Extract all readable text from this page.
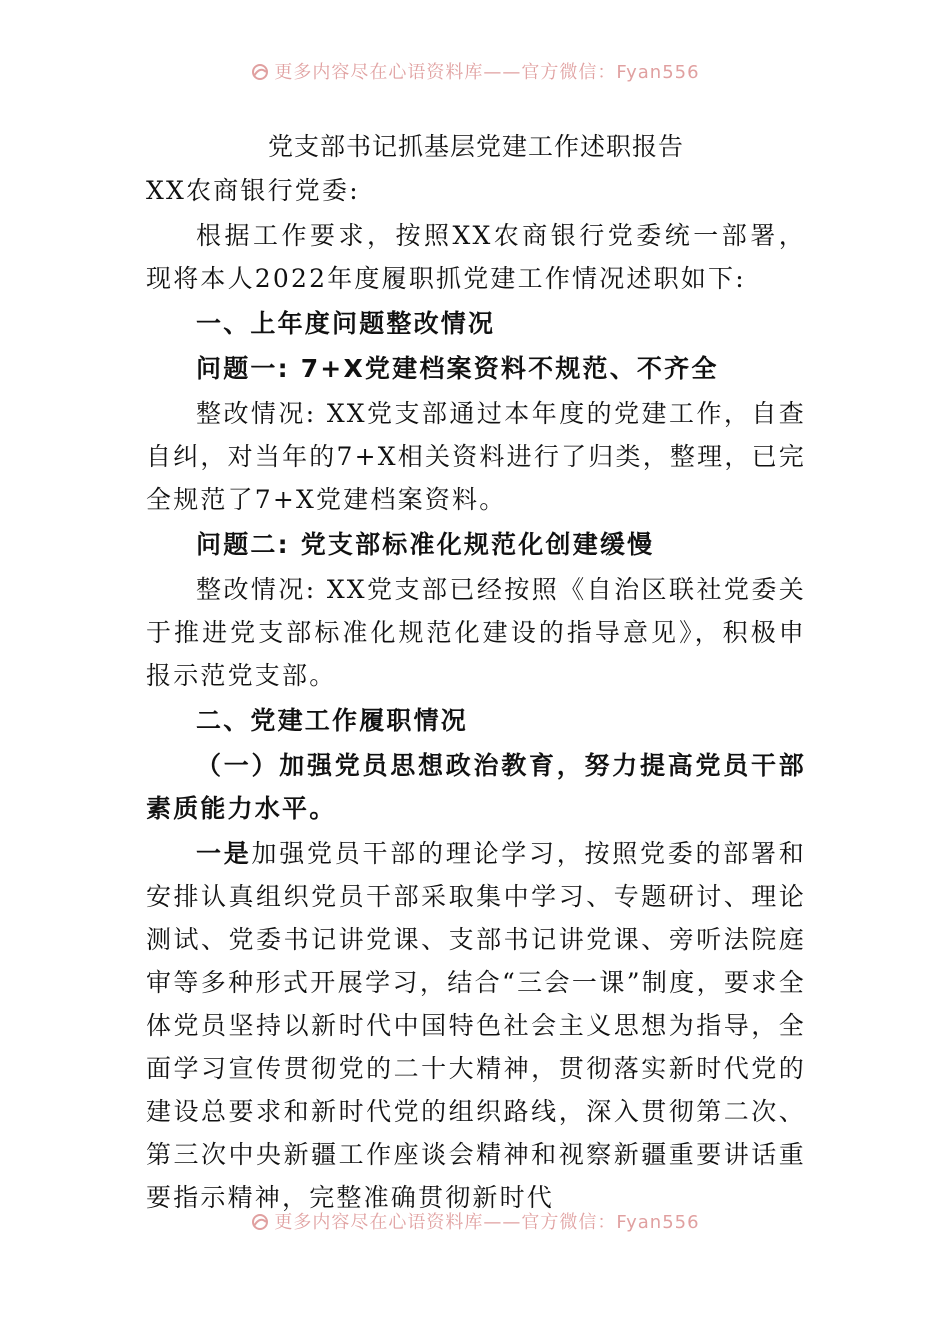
更多内容尽在心语资料库——官方微信：Fyan556
党支部书记抓基层党建工作述职报告

XX农商银行党委:

根据工作要求，按照XX农商银行党委统一部署，现将本人2022年度履职抓党建工作情况述职如下:

一、上年度问题整改情况

问题一: 7+X党建档案资料不规范、不齐全

整改情况: XX党支部通过本年度的党建工作，自查自纠，对当年的7+X相关资料进行了归类，整理，已完全规范了7+X党建档案资料。

问题二: 党支部标准化规范化创建缓慢

整改情况: XX党支部已经按照《自治区联社党委关于推进党支部标准化规范化建设的指导意见》，积极申报示范党支部。

二、党建工作履职情况

（一）加强党员思想政治教育，努力提高党员干部素质能力水平。

一是加强党员干部的理论学习，按照党委的部署和安排认真组织党员干部采取集中学习、专题研讨、理论测试、党委书记讲党课、支部书记讲党课、旁听法院庭审等多种形式开展学习，结合“三会一课”制度，要求全体党员坚持以新时代中国特色社会主义思想为指导，全面学习宣传贯彻党的二十大精神，贯彻落实新时代党的建设总要求和新时代党的组织路线，深入贯彻第二次、第三次中央新疆工作座谈会精神和视察新疆重要讲话重要指示精神，完整准确贯彻新时代

更多内容尽在心语资料库——官方微信：Fyan556
